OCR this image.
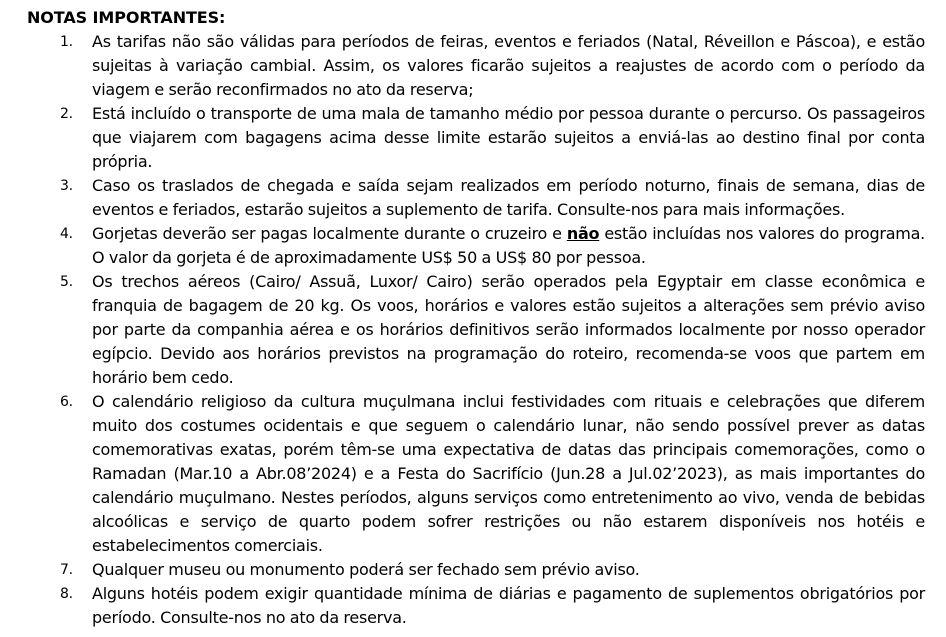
NOTAS IMPORTANTES:
1. As tarifas não são válidas para períodos de feiras, eventos e feriados (Natal, Réveillon e Páscoa), e estão sujeitas à variação cambial. Assim, os valores ficarão sujeitos a reajustes de acordo com o período da viagem e serão reconfirmados no ato da reserva;
2. Está incluído o transporte de uma mala de tamanho médio por pessoa durante o percurso. Os passageiros que viajarem com bagagens acima desse limite estarão sujeitos a enviá-las ao destino final por conta própria.
3. Caso os traslados de chegada e saída sejam realizados em período noturno, finais de semana, dias de eventos e feriados, estarão sujeitos a suplemento de tarifa. Consulte-nos para mais informações.
4. Gorjetas deverão ser pagas localmente durante o cruzeiro e não estão incluídas nos valores do programa. O valor da gorjeta é de aproximadamente US$ 50 a US$ 80 por pessoa.
5. Os trechos aéreos (Cairo/ Assuã, Luxor/ Cairo) serão operados pela Egyptair em classe econômica e franquia de bagagem de 20 kg. Os voos, horários e valores estão sujeitos a alterações sem prévio aviso por parte da companhia aérea e os horários definitivos serão informados localmente por nosso operador egípcio. Devido aos horários previstos na programação do roteiro, recomenda-se voos que partem em horário bem cedo.
6. O calendário religioso da cultura muçulmana inclui festividades com rituais e celebrações que diferem muito dos costumes ocidentais e que seguem o calendário lunar, não sendo possível prever as datas comemorativas exatas, porém têm-se uma expectativa de datas das principais comemorações, como o Ramadan (Mar.10 a Abr.08’2024) e a Festa do Sacrifício (Jun.28 a Jul.02’2023), as mais importantes do calendário muçulmano. Nestes períodos, alguns serviços como entretenimento ao vivo, venda de bebidas alcoólicas e serviço de quarto podem sofrer restrições ou não estarem disponíveis nos hotéis e estabelecimentos comerciais.
7. Qualquer museu ou monumento poderá ser fechado sem prévio aviso.
8. Alguns hotéis podem exigir quantidade mínima de diárias e pagamento de suplementos obrigatórios por período. Consulte-nos no ato da reserva.
